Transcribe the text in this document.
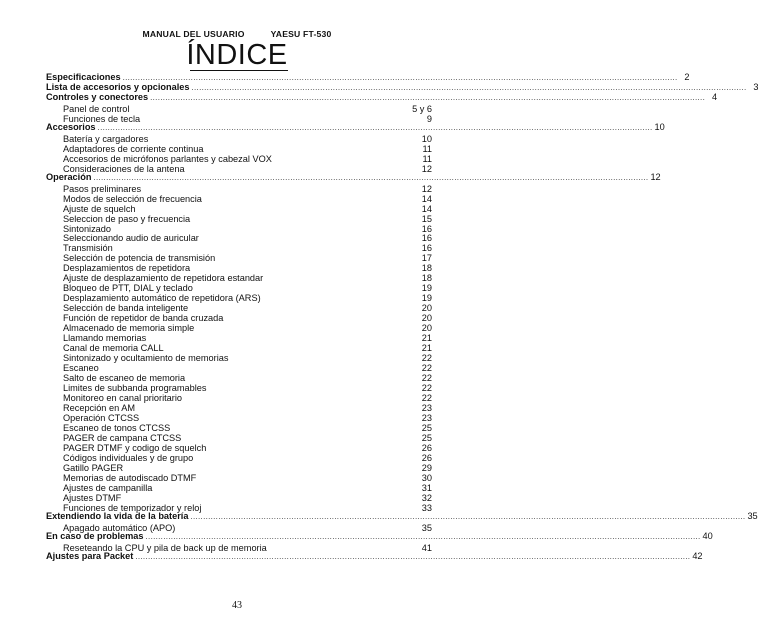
MANUAL DEL USUARIO	YAESU FT-530
ÍNDICE
Especificaciones ............................................................................................................................................................................................................................ 2
Lista de accesorios y opcionales ............................................................................................................................................................................................................................ 3
Controles y conectores ............................................................................................................................................................................................................................ 4
Panel de control	5 y 6
Funciones de tecla	9
Accesorios ............................................................................................................................................................................................................................ 10
Batería y cargadores	10
Adaptadores de corriente continua	11
Accesorios de micrófonos parlantes y cabezal VOX	11
Consideraciones de la antena	12
Operación ............................................................................................................................................................................................................................ 12
Pasos preliminares	12
Modos de selección de frecuencia	14
Ajuste de squelch	14
Seleccion de paso y frecuencia	15
Sintonizado	16
Seleccionando audio de auricular	16
Transmisión	16
Selección de potencia de transmisión	17
Desplazamientos de repetidora	18
Ajuste de desplazamiento de repetidora estandar	18
Bloqueo de PTT, DIAL y teclado	19
Desplazamiento automático de repetidora (ARS)	19
Selección de banda inteligente	20
Función de repetidor de banda cruzada	20
Almacenado de memoria simple	20
Llamando memorias	21
Canal de memoria CALL	21
Sintonizado y ocultamiento de memorias	22
Escaneo	22
Salto de escaneo de memoria	22
Limites de subbanda programables	22
Monitoreo en canal prioritario	22
Recepción en AM	23
Operación CTCSS	23
Escaneo de tonos CTCSS	25
PAGER de campana CTCSS	25
PAGER DTMF y codigo de squelch	26
Códigos individuales y de grupo	26
Gatillo PAGER	29
Memorias de autodiscado DTMF	30
Ajustes de campanilla	31
Ajustes DTMF	32
Funciones de temporizador y reloj	33
Extendiendo la vida de la batería ............................................................................................................................................................................................................................ 35
Apagado automático (APO)	35
En caso de problemas ............................................................................................................................................................................................................................ 40
Reseteando la CPU y pila de back up de memoria	41
Ajustes para Packet ............................................................................................................................................................................................................................ 42
43
